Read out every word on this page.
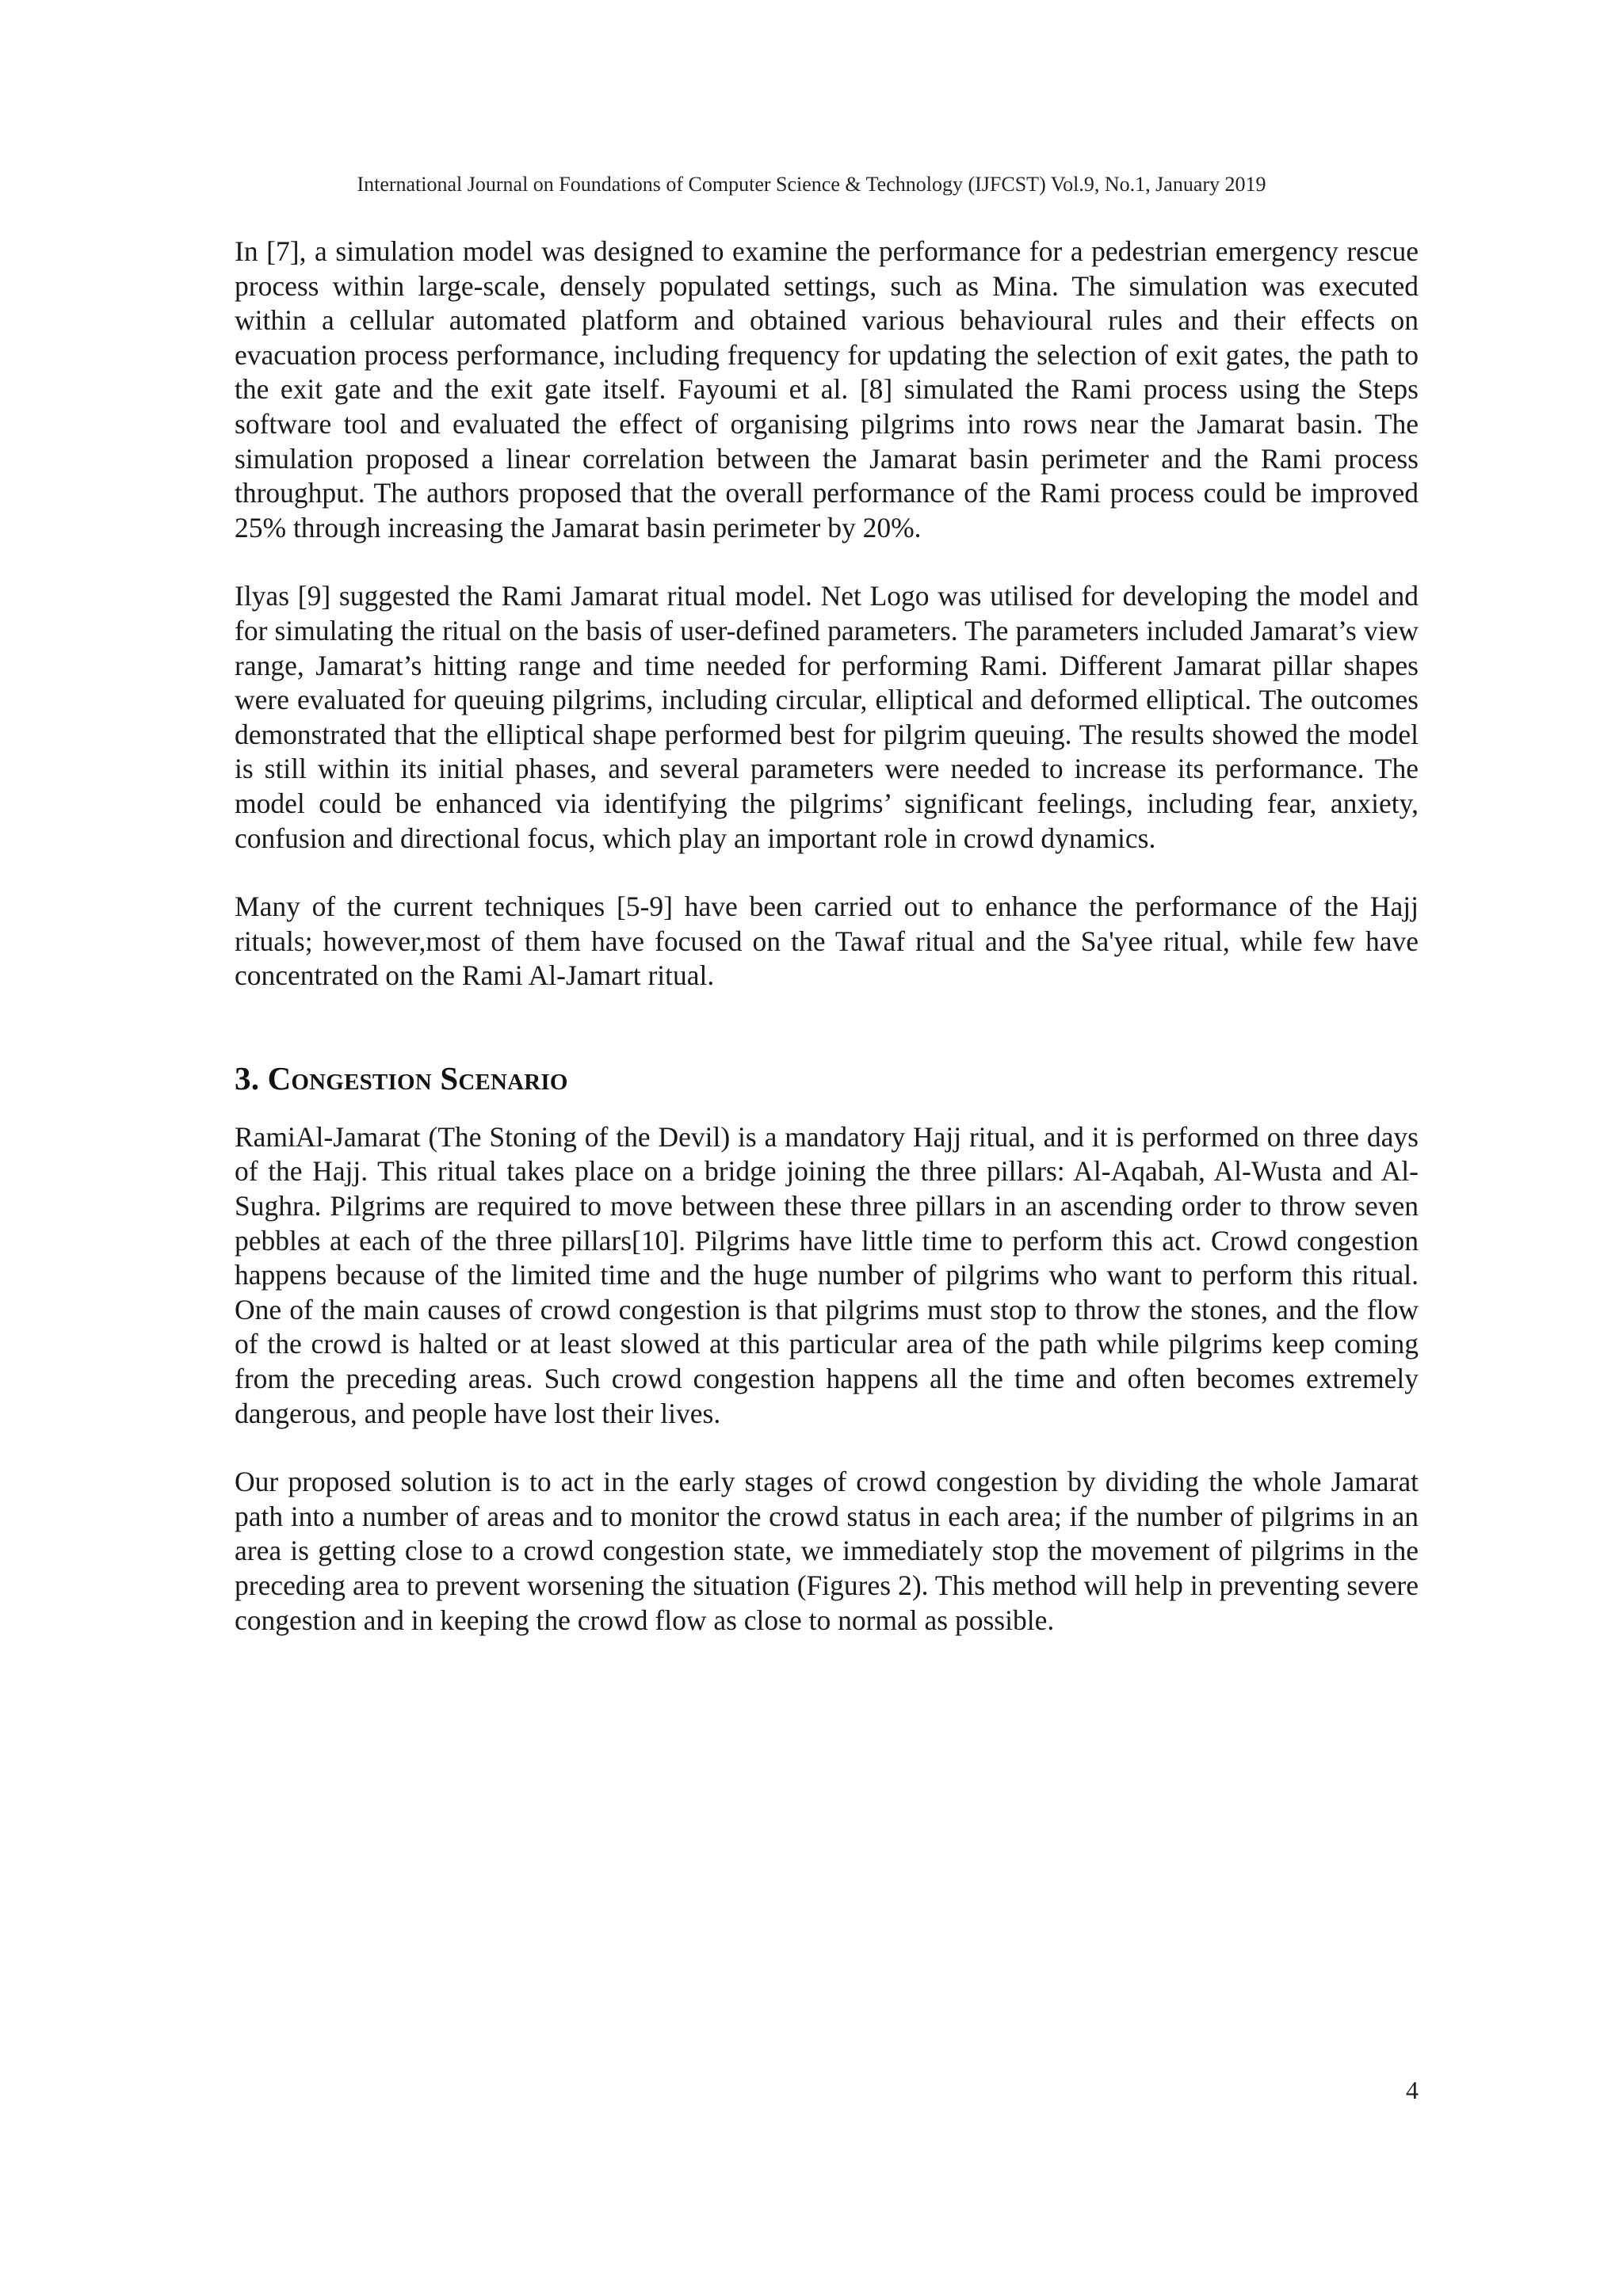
International Journal on Foundations of Computer Science & Technology (IJFCST) Vol.9, No.1, January 2019

In [7], a simulation model was designed to examine the performance for a pedestrian emergency rescue process within large-scale, densely populated settings, such as Mina. The simulation was executed within a cellular automated platform and obtained various behavioural rules and their effects on evacuation process performance, including frequency for updating the selection of exit gates, the path to the exit gate and the exit gate itself. Fayoumi et al. [8] simulated the Rami process using the Steps software tool and evaluated the effect of organising pilgrims into rows near the Jamarat basin. The simulation proposed a linear correlation between the Jamarat basin perimeter and the Rami process throughput. The authors proposed that the overall performance of the Rami process could be improved 25% through increasing the Jamarat basin perimeter by 20%.

Ilyas [9] suggested the Rami Jamarat ritual model. Net Logo was utilised for developing the model and for simulating the ritual on the basis of user-defined parameters. The parameters included Jamarat’s view range, Jamarat’s hitting range and time needed for performing Rami. Different Jamarat pillar shapes were evaluated for queuing pilgrims, including circular, elliptical and deformed elliptical. The outcomes demonstrated that the elliptical shape performed best for pilgrim queuing. The results showed the model is still within its initial phases, and several parameters were needed to increase its performance. The model could be enhanced via identifying the pilgrims’ significant feelings, including fear, anxiety, confusion and directional focus, which play an important role in crowd dynamics.

Many of the current techniques [5-9] have been carried out to enhance the performance of the Hajj rituals; however,most of them have focused on the Tawaf ritual and the Sa'yee ritual, while few have concentrated on the Rami Al-Jamart ritual.

3. Congestion Scenario

RamiAl-Jamarat (The Stoning of the Devil) is a mandatory Hajj ritual, and it is performed on three days of the Hajj. This ritual takes place on a bridge joining the three pillars: Al-Aqabah, Al-Wusta and Al-Sughra. Pilgrims are required to move between these three pillars in an ascending order to throw seven pebbles at each of the three pillars[10]. Pilgrims have little time to perform this act. Crowd congestion happens because of the limited time and the huge number of pilgrims who want to perform this ritual. One of the main causes of crowd congestion is that pilgrims must stop to throw the stones, and the flow of the crowd is halted or at least slowed at this particular area of the path while pilgrims keep coming from the preceding areas. Such crowd congestion happens all the time and often becomes extremely dangerous, and people have lost their lives.

Our proposed solution is to act in the early stages of crowd congestion by dividing the whole Jamarat path into a number of areas and to monitor the crowd status in each area; if the number of pilgrims in an area is getting close to a crowd congestion state, we immediately stop the movement of pilgrims in the preceding area to prevent worsening the situation (Figures 2). This method will help in preventing severe congestion and in keeping the crowd flow as close to normal as possible.

4
